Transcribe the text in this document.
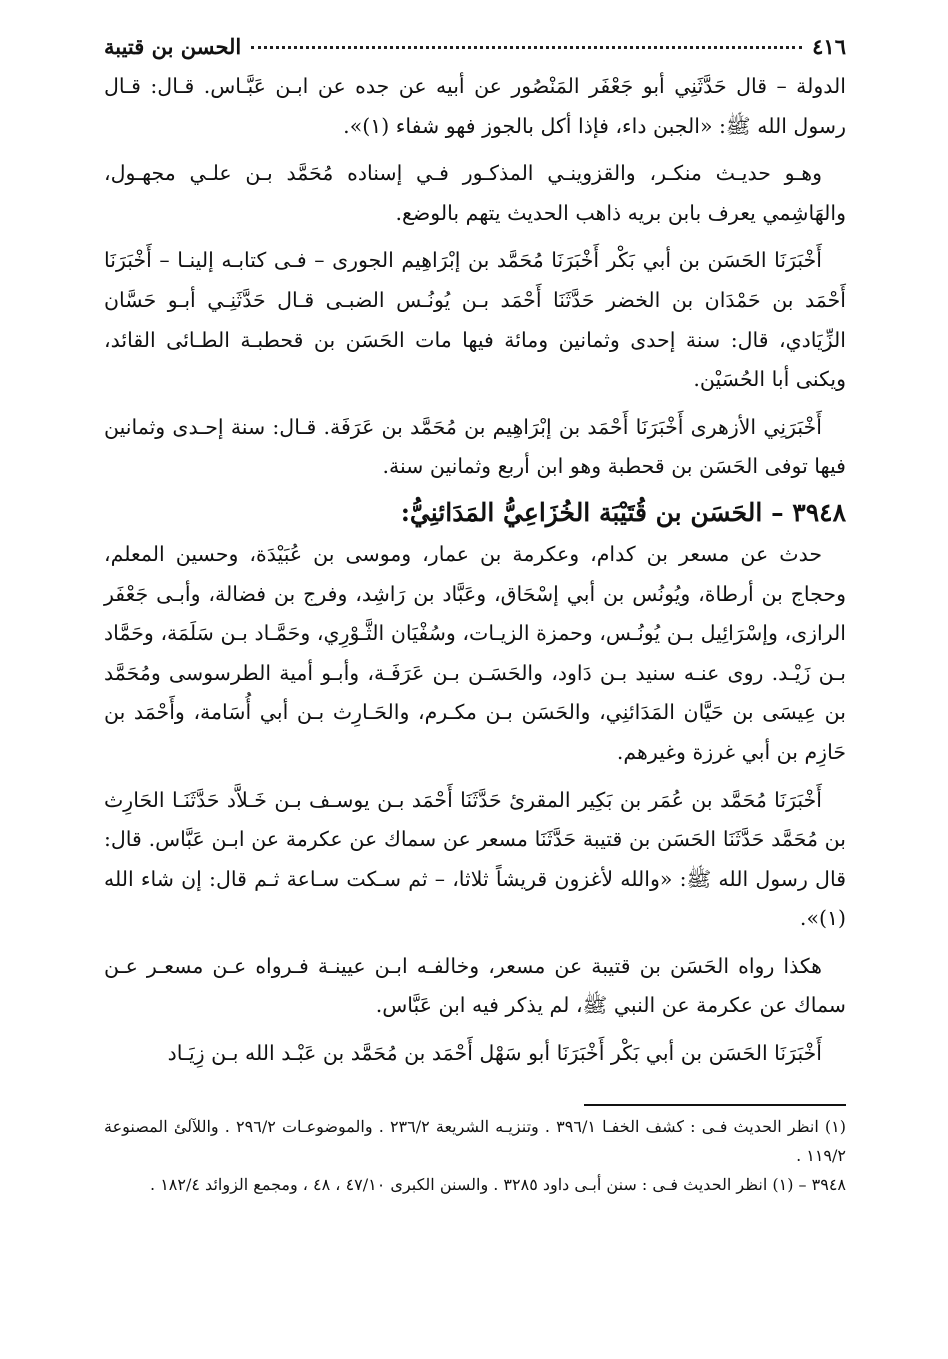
٤١٦
الحسن بن قتيبة

الدولة – قال حَدَّثَنِي أبو جَعْفَر المَنْصُور عن أبيه عن جده عن ابـن عَبَّـاس. قـال: قـال رسول الله ﷺ: «الجبن داء، فإذا أكل بالجوز فهو شفاء (١)».

وهـو حديـث منكـر، والقزوينـي المذكـور فـي إسناده مُحَمَّد بـن علـي مجهـول، والهَاشِمي يعرف بابن بريه ذاهب الحديث يتهم بالوضع.

أَخْبَرَنَا الحَسَن بن أبي بَكْر أَخْبَرَنَا مُحَمَّد بن إبْرَاهِيم الجورى – فـى كتابـه إلينـا – أَخْبَرَنَا أَحْمَد بن حَمْدَان بن الخضر حَدَّثَنَا أَحْمَد بـن يُونُـس الضبـى قـال حَدَّثَنِـي أبـو حَسَّان الزِّيَادي، قال: سنة إحدى وثمانين ومائة فيها مات الحَسَن بن قحطبـة الطـائى القائد، ويكنى أبا الحُسَيْن.

أَخْبَرَنِي الأزهرى أَخْبَرَنَا أَحْمَد بن إبْرَاهِيم بن مُحَمَّد بن عَرَفَة. قـال: سنة إحـدى وثمانين فيها توفى الحَسَن بن قحطبة وهو ابن أربع وثمانين سنة.

٣٩٤٨ – الحَسَن بن قُتَيْبَة الخُزَاعِيُّ المَدَائنِيُّ:

حدث عن مسعر بن كدام، وعكرمة بن عمار، وموسى بن عُبَيْدَة، وحسين المعلم، وحجاج بن أرطاة، ويُونُس بن أبي إسْحَاق، وعَبَّاد بن رَاشِد، وفرج بن فضالة، وأبـى جَعْفَر الرازى، وإسْرَائِيل بـن يُونُـس، وحمزة الزيـات، وسُفْيَان الثَّـوْرِي، وحَمَّـاد بـن سَلَمَة، وحَمَّاد بـن زَيْـد. روى عنـه سنيد بـن دَاود، والحَسَـن بـن عَرَفَـة، وأبـو أمية الطرسوسى ومُحَمَّد بن عِيسَى بن حَيَّان المَدَائنِي، والحَسَن بـن مكـرم، والحَـارِث بـن أبي أُسَامة، وأَحْمَد بن حَازِم بن أبي غرزة وغيرهم.

أَخْبَرَنَا مُحَمَّد بن عُمَر بن بَكِير المقرئ حَدَّثَنَا أَحْمَد بـن يوسـف بـن خَـلاَّد حَدَّثَنَـا الحَارِث بن مُحَمَّد حَدَّثَنَا الحَسَن بن قتيبة حَدَّثَنَا مسعر عن سماك عن عكرمة عن ابـن عَبَّاس. قال: قال رسول الله ﷺ: «والله لأغزون قريشاً ثلاثا، – ثم سـكت سـاعة ثـم قال: إن شاء الله (١)».

هكذا رواه الحَسَن بن قتيبة عن مسعر، وخالفـه ابـن عيينـة فـرواه عـن مسعـر عـن سماك عن عكرمة عن النبي ﷺ، لم يذكر فيه ابن عَبَّاس.

أَخْبَرَنَا الحَسَن بن أبي بَكْر أَخْبَرَنَا أبو سَهْل أَحْمَد بن مُحَمَّد بن عَبْـد الله بـن زِيَـاد

(١) انظر الحديث فـى : كشف الخفـا ٣٩٦/١ . وتنزيـه الشريعة ٢٣٦/٢ . والموضوعـات ٢٩٦/٢ . واللآلئ المصنوعة ١١٩/٢ .

٣٩٤٨ – (١) انظر الحديث فـى : سنن أبـى داود ٣٢٨٥ . والسنن الكبرى ٤٧/١٠ ، ٤٨ ، ومجمع الزوائد ١٨٢/٤ .
